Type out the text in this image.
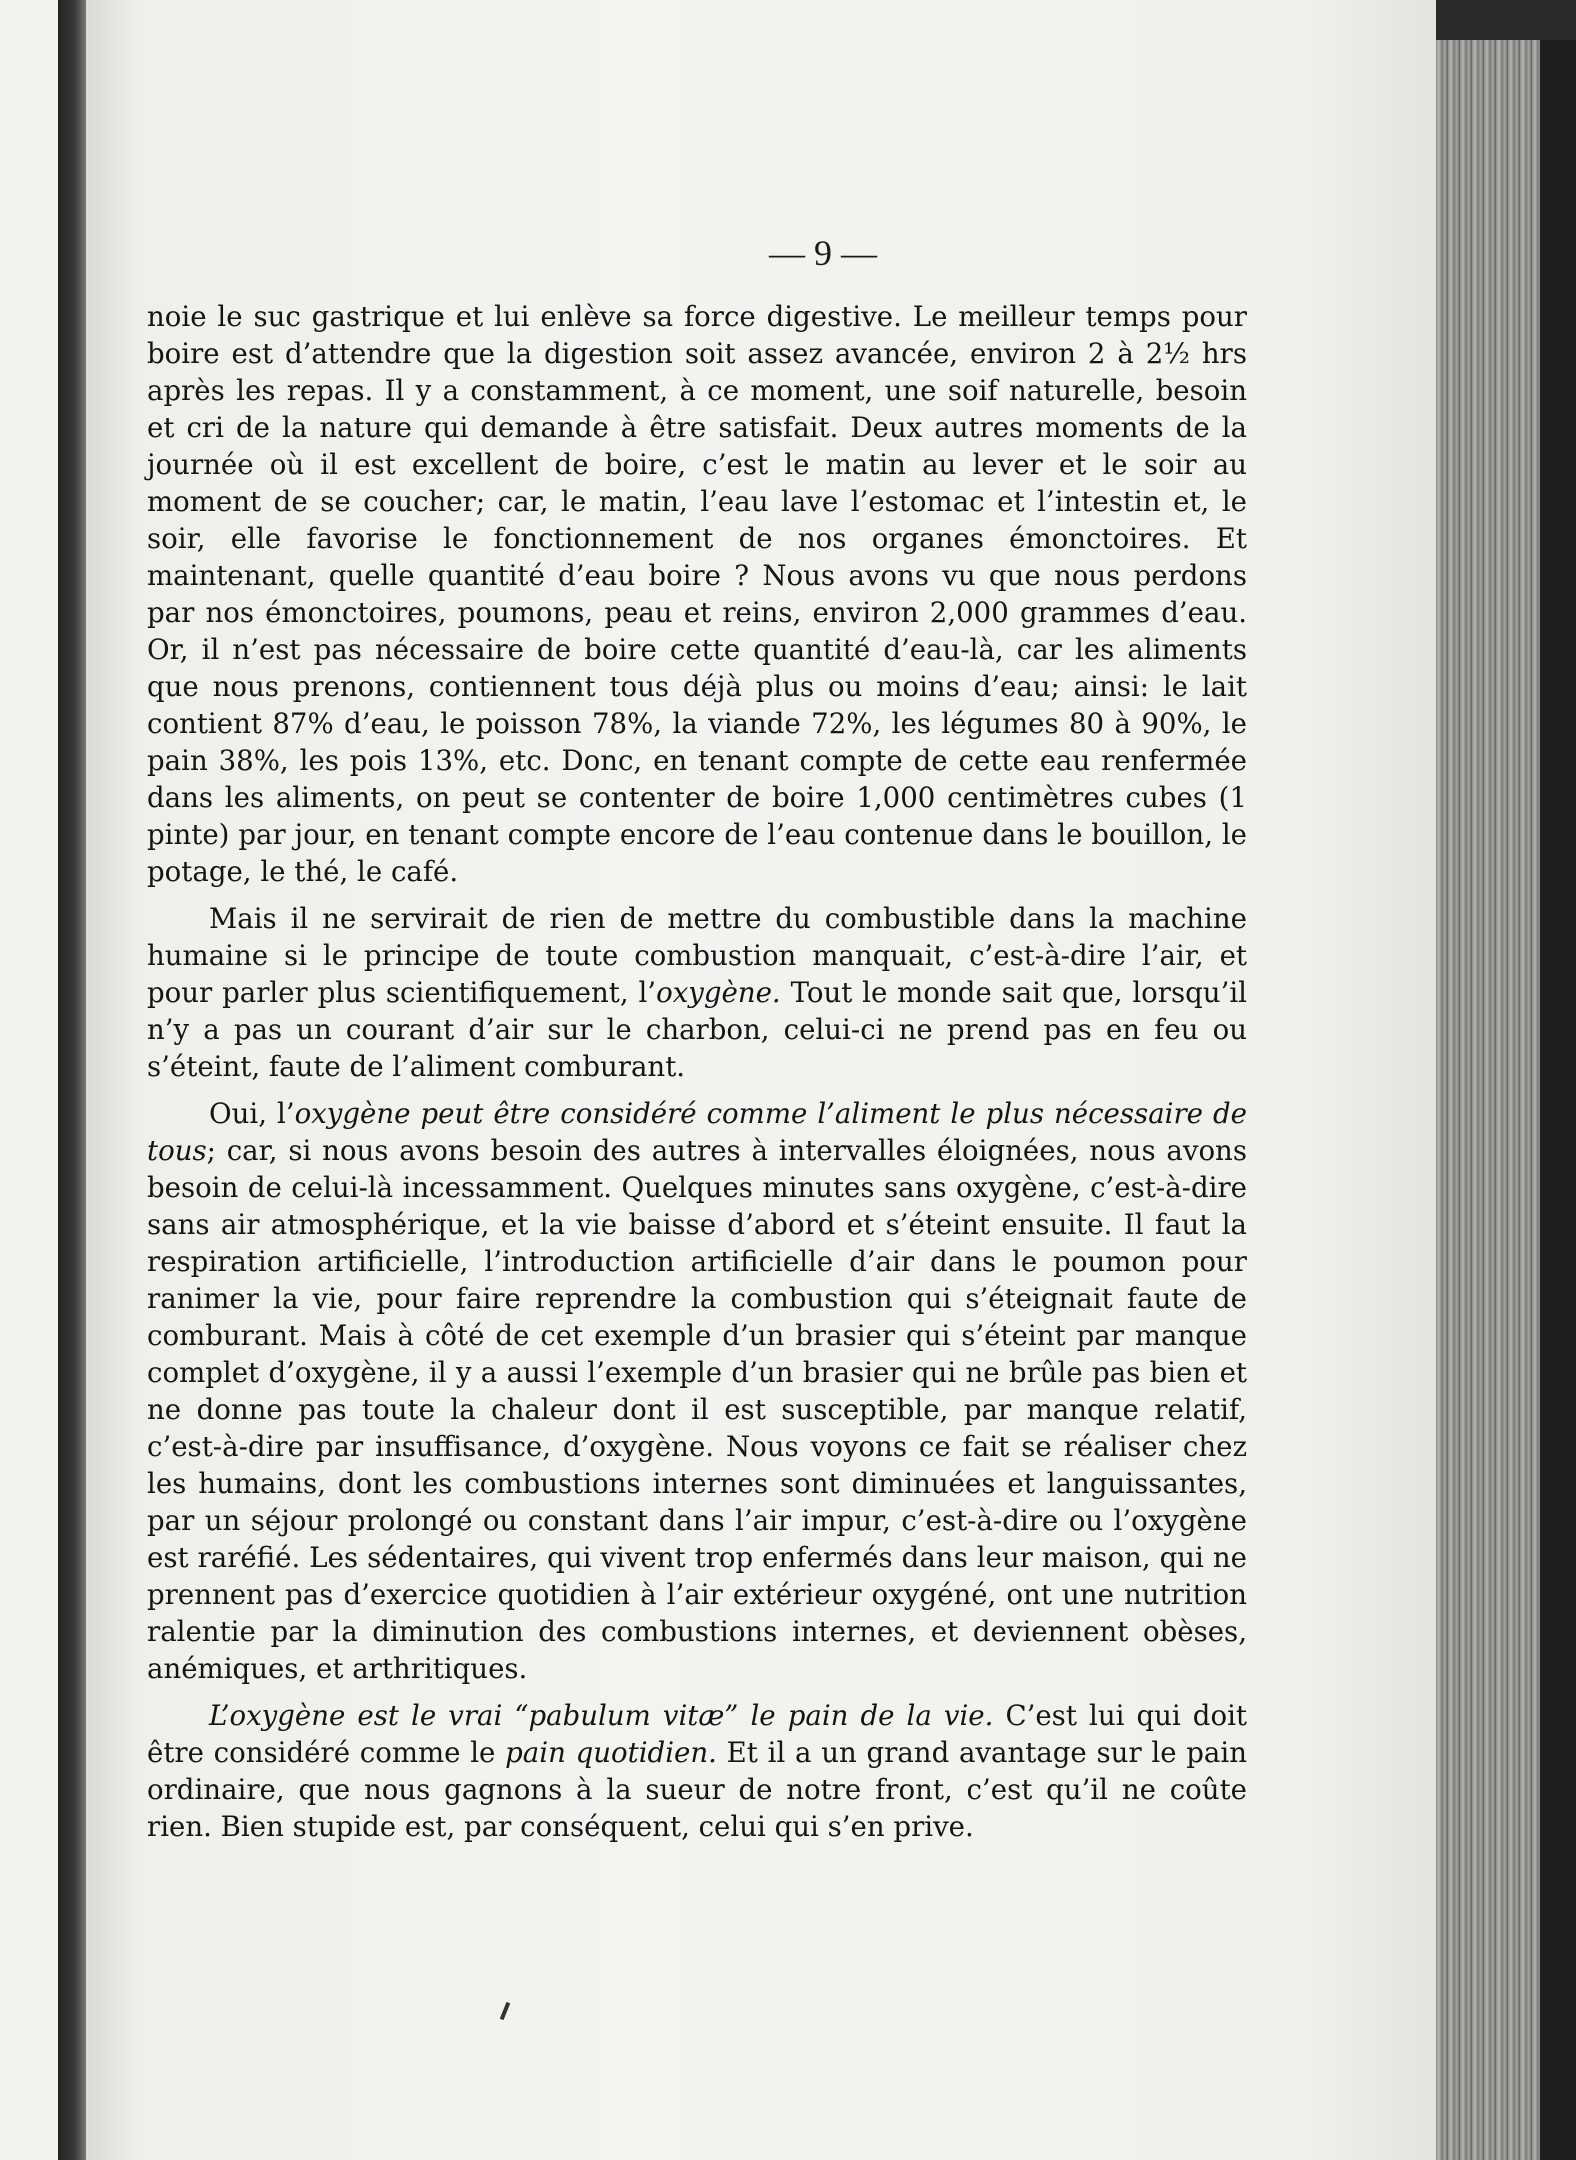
— 9 —

noie le suc gastrique et lui enlève sa force digestive. Le meilleur temps pour boire est d’attendre que la digestion soit assez avancée, environ 2 à 2½ hrs après les repas. Il y a constamment, à ce moment, une soif naturelle, besoin et cri de la nature qui demande à être satisfait. Deux autres moments de la journée où il est excellent de boire, c’est le matin au lever et le soir au moment de se coucher; car, le matin, l’eau lave l’estomac et l’intestin et, le soir, elle favorise le fonctionnement de nos organes émonctoires. Et maintenant, quelle quantité d’eau boire ? Nous avons vu que nous perdons par nos émonctoires, poumons, peau et reins, environ 2,000 grammes d’eau. Or, il n’est pas nécessaire de boire cette quantité d’eau-là, car les aliments que nous prenons, contiennent tous déjà plus ou moins d’eau; ainsi: le lait contient 87% d’eau, le poisson 78%, la viande 72%, les légumes 80 à 90%, le pain 38%, les pois 13%, etc. Donc, en tenant compte de cette eau renfermée dans les aliments, on peut se contenter de boire 1,000 centimètres cubes (1 pinte) par jour, en tenant compte encore de l’eau contenue dans le bouillon, le potage, le thé, le café.

Mais il ne servirait de rien de mettre du combustible dans la machine humaine si le principe de toute combustion manquait, c’est-à-dire l’air, et pour parler plus scientifiquement, l’oxygène. Tout le monde sait que, lorsqu’il n’y a pas un courant d’air sur le charbon, celui-ci ne prend pas en feu ou s’éteint, faute de l’aliment comburant.

Oui, l’oxygène peut être considéré comme l’aliment le plus nécessaire de tous; car, si nous avons besoin des autres à intervalles éloignées, nous avons besoin de celui-là incessamment. Quelques minutes sans oxygène, c’est-à-dire sans air atmosphérique, et la vie baisse d’abord et s’éteint ensuite. Il faut la respiration artificielle, l’introduction artificielle d’air dans le poumon pour ranimer la vie, pour faire reprendre la combustion qui s’éteignait faute de comburant. Mais à côté de cet exemple d’un brasier qui s’éteint par manque complet d’oxygène, il y a aussi l’exemple d’un brasier qui ne brûle pas bien et ne donne pas toute la chaleur dont il est susceptible, par manque relatif, c’est-à-dire par insuffisance, d’oxygène. Nous voyons ce fait se réaliser chez les humains, dont les combustions internes sont diminuées et languissantes, par un séjour prolongé ou constant dans l’air impur, c’est-à-dire ou l’oxygène est raréfié. Les sédentaires, qui vivent trop enfermés dans leur maison, qui ne prennent pas d’exercice quotidien à l’air extérieur oxygéné, ont une nutrition ralentie par la diminution des combustions internes, et deviennent obèses, anémiques, et arthritiques.

L’oxygène est le vrai “pabulum vitæ” le pain de la vie. C’est lui qui doit être considéré comme le pain quotidien. Et il a un grand avantage sur le pain ordinaire, que nous gagnons à la sueur de notre front, c’est qu’il ne coûte rien. Bien stupide est, par conséquent, celui qui s’en prive.
